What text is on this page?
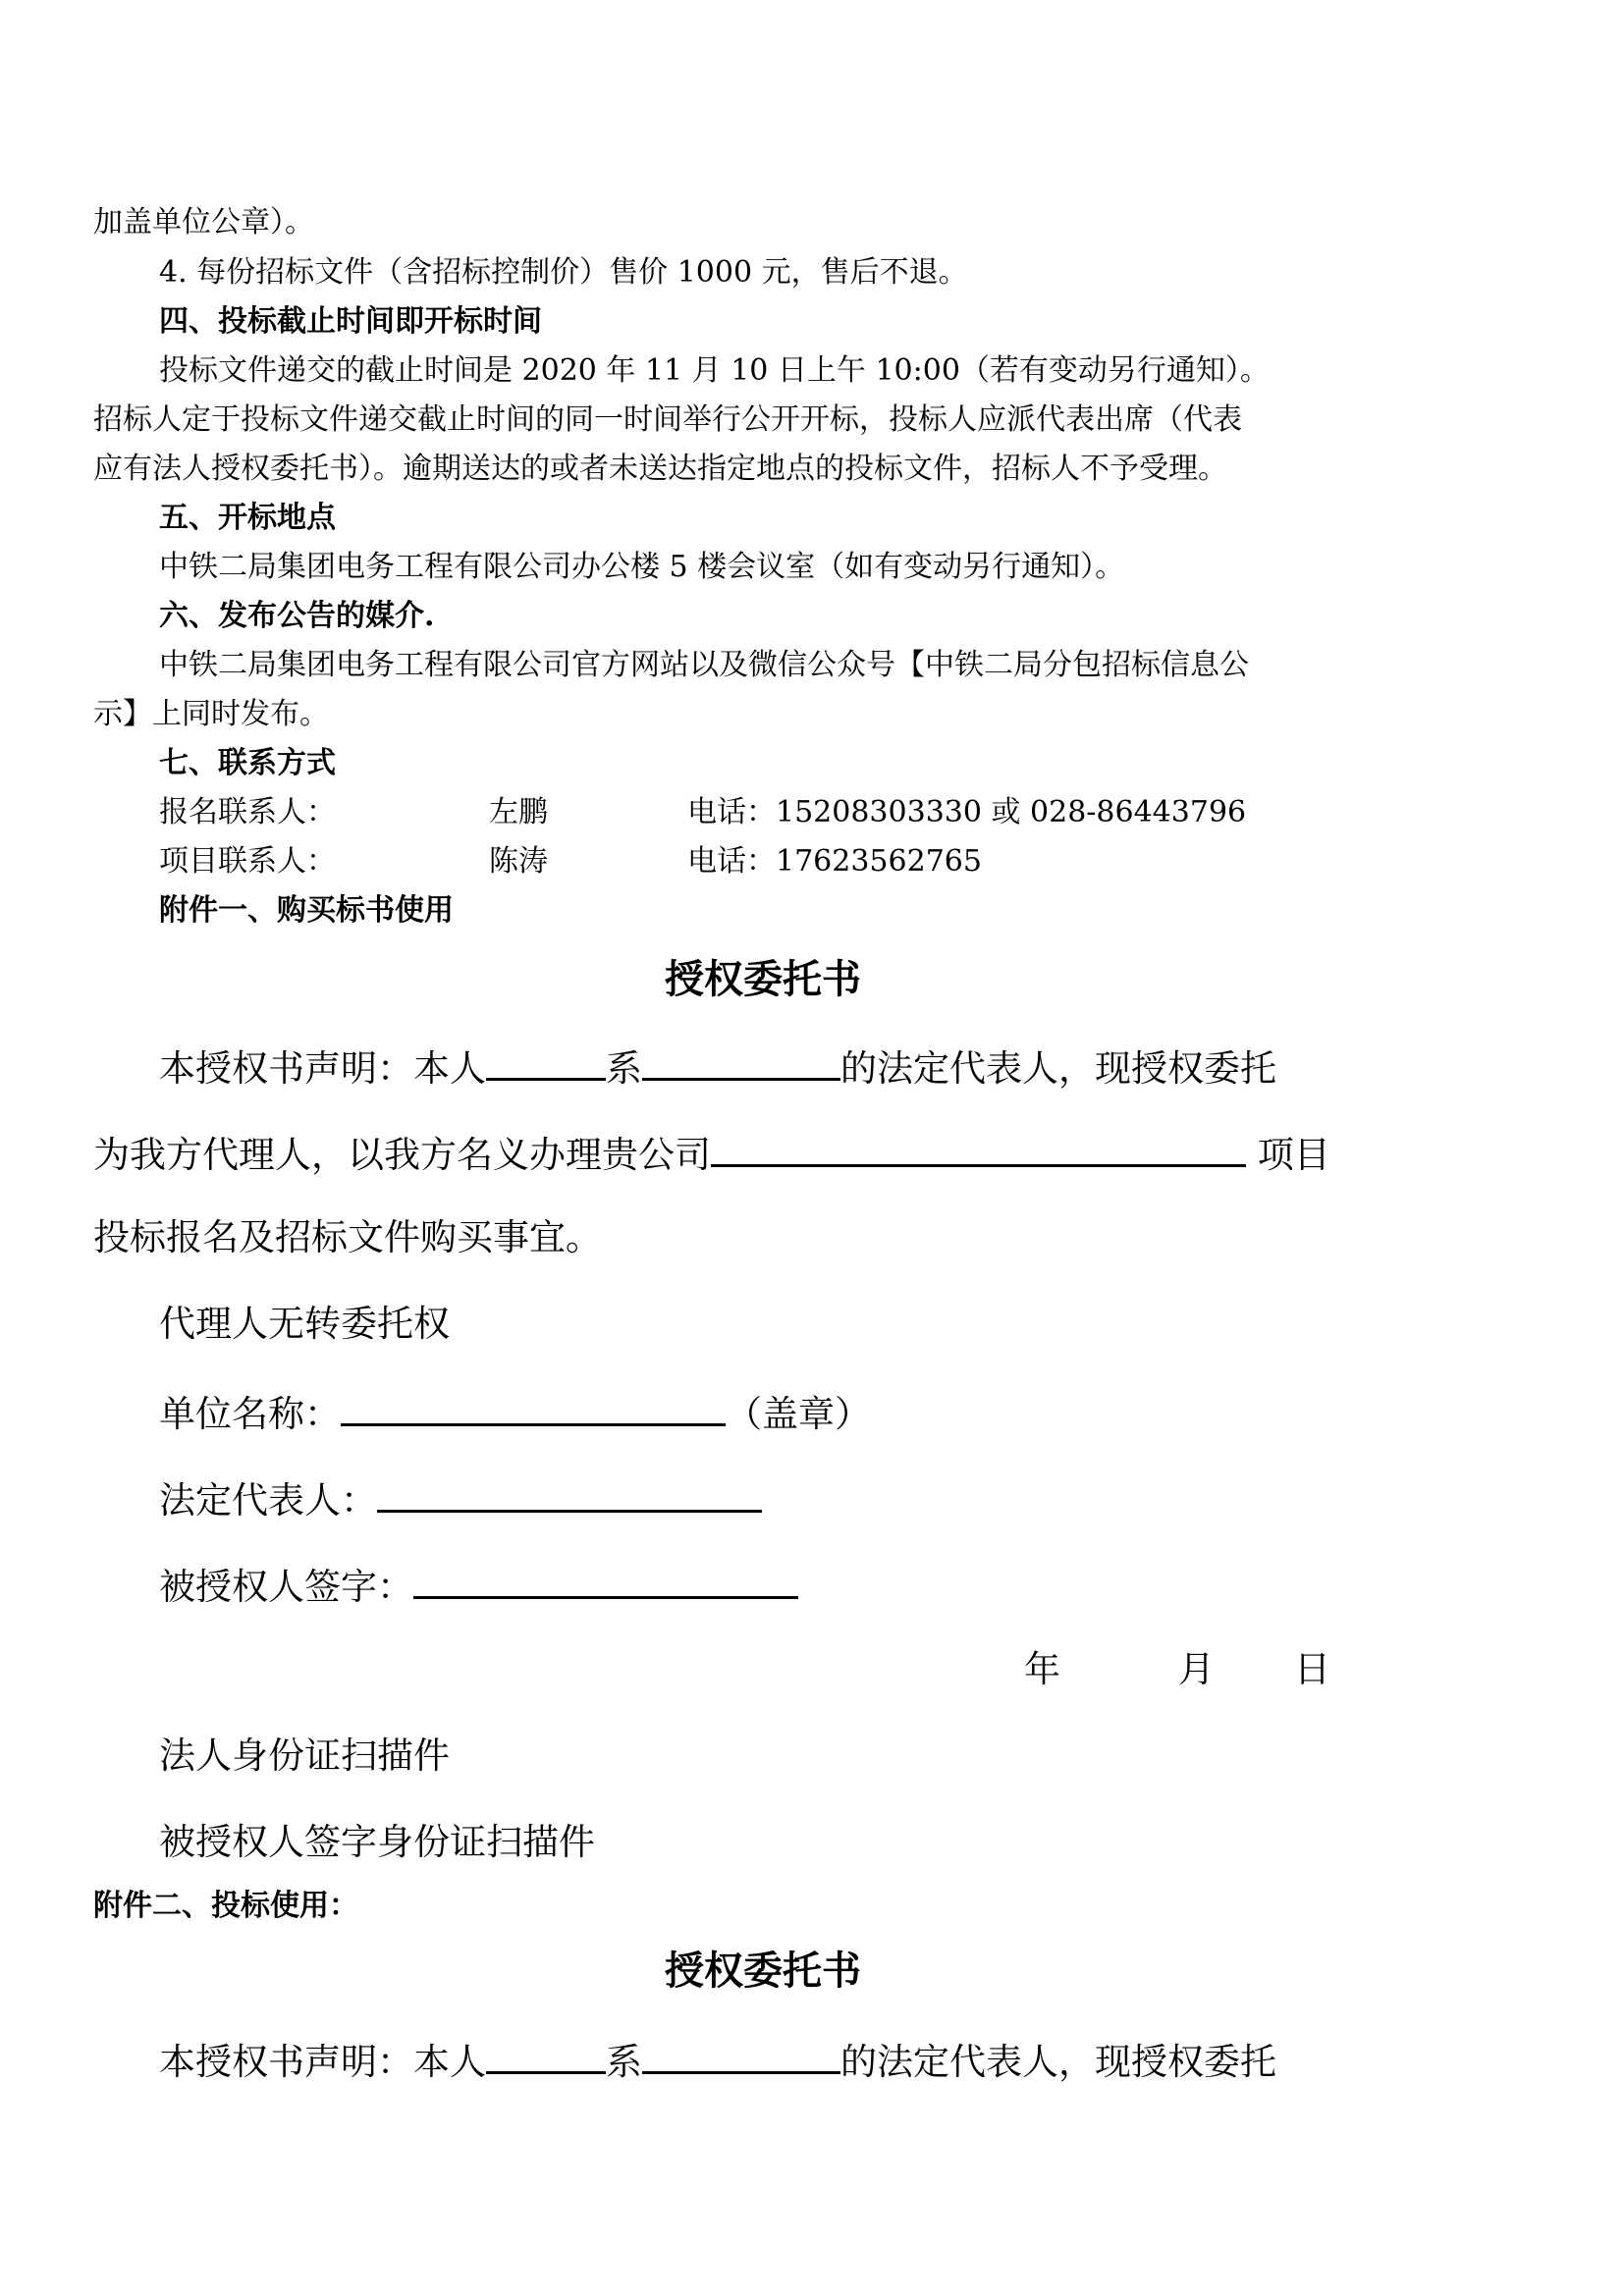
加盖单位公章）。
4. 每份招标文件（含招标控制价）售价 1000 元，售后不退。
四、投标截止时间即开标时间
投标文件递交的截止时间是 2020 年 11 月 10 日上午 10:00（若有变动另行通知）。
招标人定于投标文件递交截止时间的同一时间举行公开开标，投标人应派代表出席（代表
应有法人授权委托书）。逾期送达的或者未送达指定地点的投标文件，招标人不予受理。
五、开标地点
中铁二局集团电务工程有限公司办公楼 5 楼会议室（如有变动另行通知）。
六、发布公告的媒介.
中铁二局集团电务工程有限公司官方网站以及微信公众号【中铁二局分包招标信息公
示】上同时发布。
七、联系方式
报名联系人：	左鹏	电话：15208303330 或 028-86443796
项目联系人：	陈涛	电话：17623562765
附件一、购买标书使用
授权委托书
本授权书声明：本人	系	的法定代表人，现授权委托
为我方代理人，以我方名义办理贵公司	项目
投标报名及招标文件购买事宜。
代理人无转委托权
单位名称：	（盖章）
法定代表人：
被授权人签字：
年	月 日
法人身份证扫描件
被授权人签字身份证扫描件
附件二、投标使用：
授权委托书
本授权书声明：本人	系	的法定代表人，现授权委托
